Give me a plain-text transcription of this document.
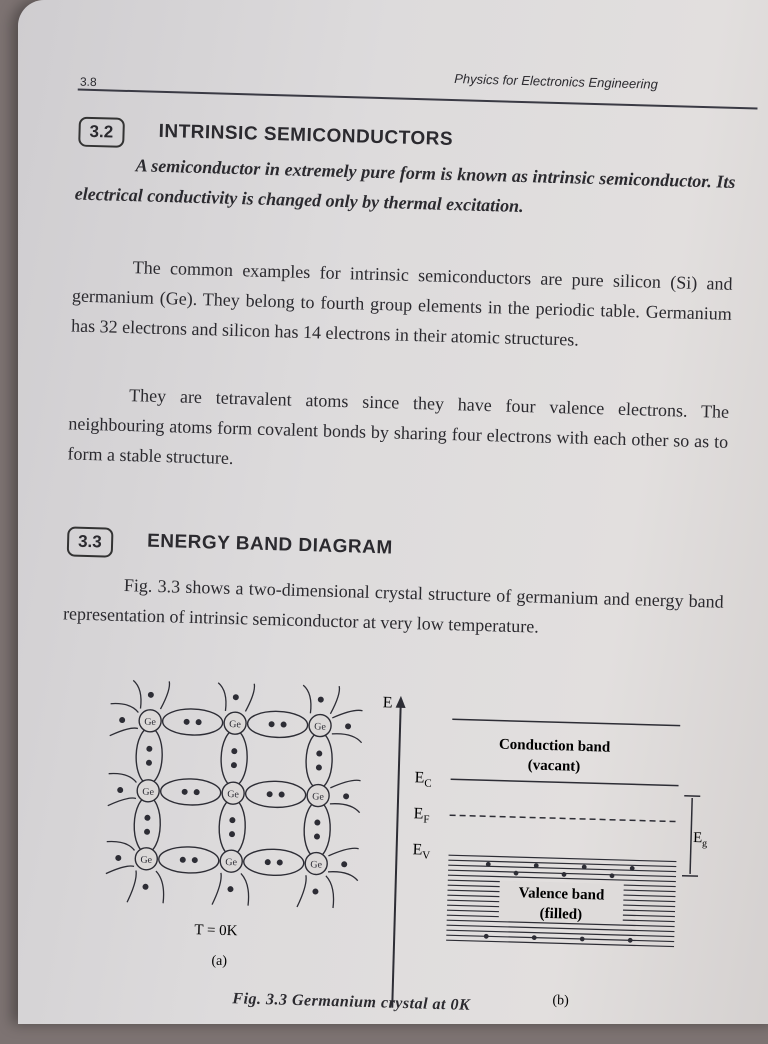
3.8	Physics for Electronics Engineering
3.2	INTRINSIC SEMICONDUCTORS
A semiconductor in extremely pure form is known as intrinsic semiconductor. Its electrical conductivity is changed only by thermal excitation.
The common examples for intrinsic semiconductors are pure silicon (Si) and germanium (Ge). They belong to fourth group elements in the periodic table. Germanium has 32 electrons and silicon has 14 electrons in their atomic structures.
They are tetravalent atoms since they have four valence electrons. The neighbouring atoms form covalent bonds by sharing four electrons with each other so as to form a stable structure.
3.3	ENERGY BAND DIAGRAM
Fig. 3.3 shows a two-dimensional crystal structure of germanium and energy band representation of intrinsic semiconductor at very low temperature.
Ge	Ge	Ge
Ge	Ge	Ge
Ge	Ge	Ge
T = 0K
(a)
E
Conduction band
(vacant)
$E_C$
$E_F$
$E_V$
Valence band
(filled)
$E_g$
(b)
Fig. 3.3 Germanium crystal at 0K
